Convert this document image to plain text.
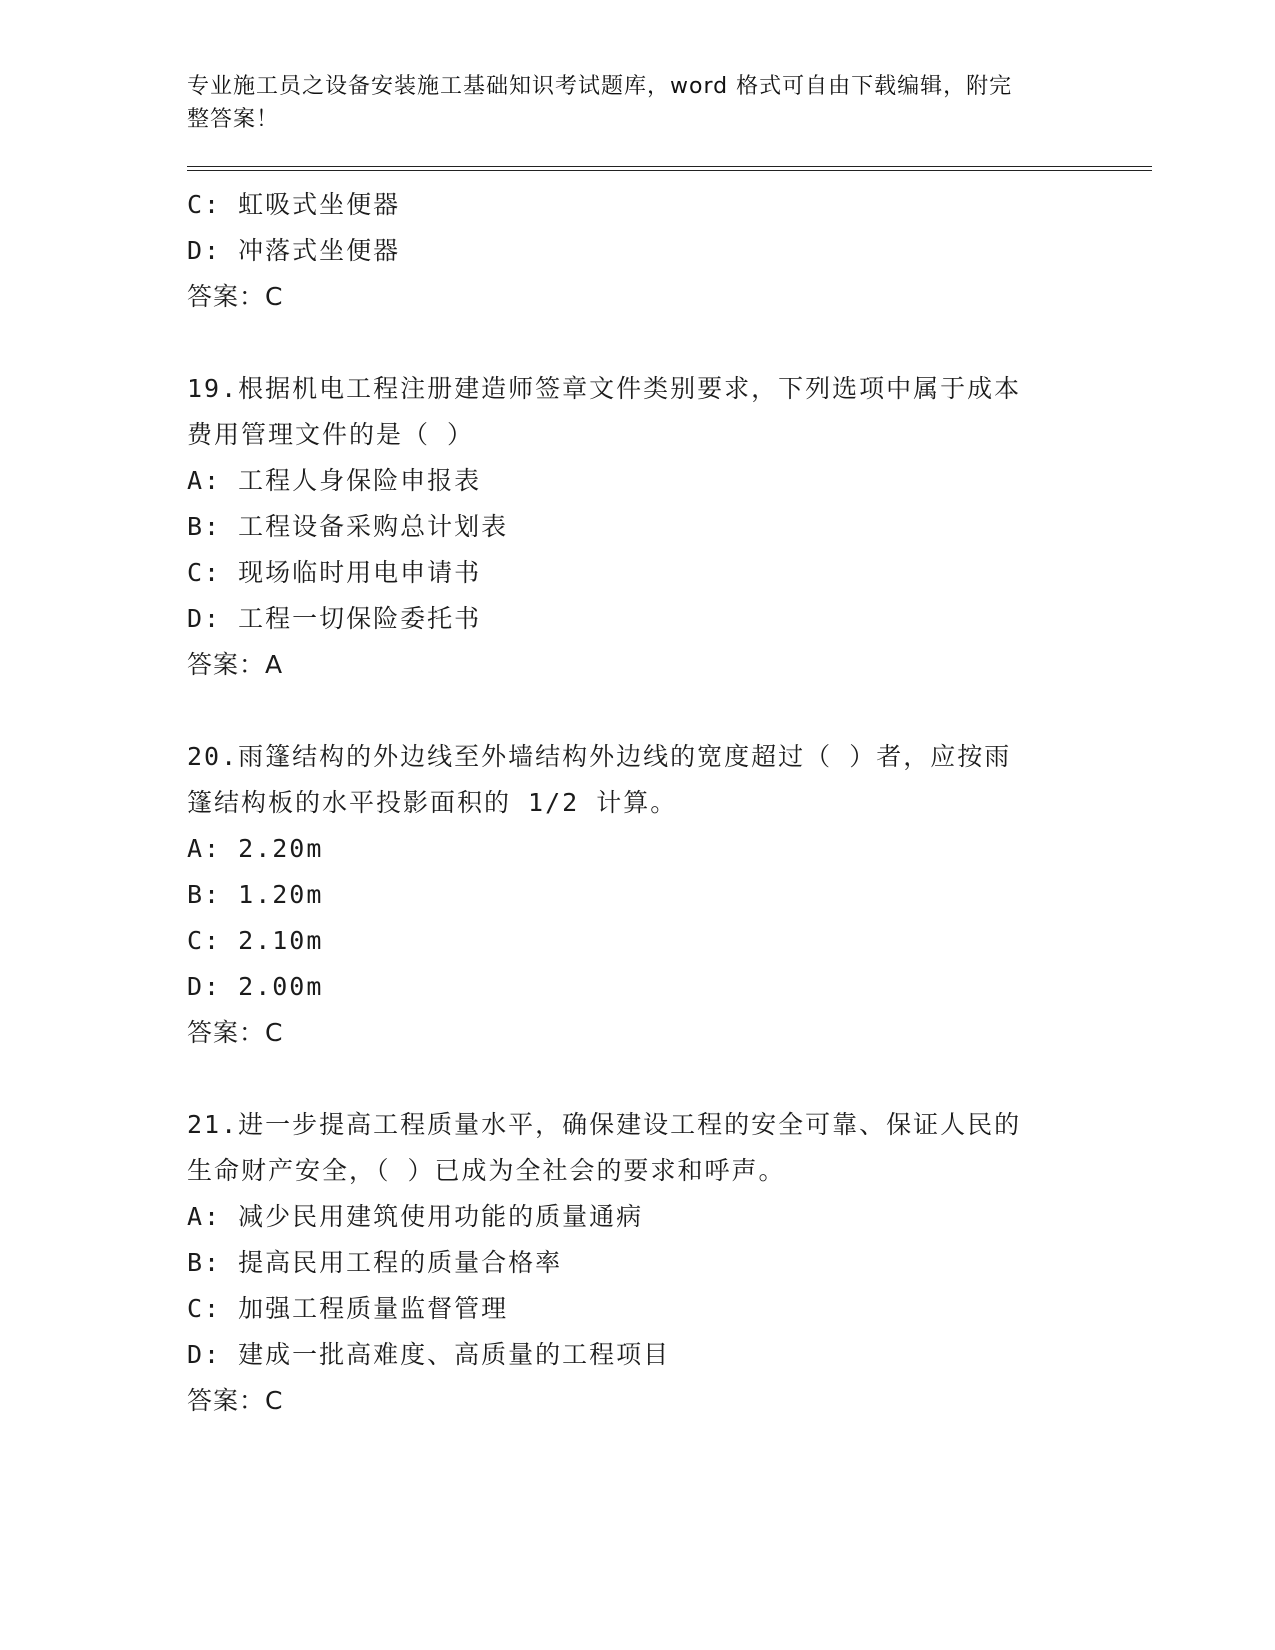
专业施工员之设备安装施工基础知识考试题库，word 格式可自由下载编辑，附完
整答案！
C: 虹吸式坐便器
D: 冲落式坐便器
答案：C
19.根据机电工程注册建造师签章文件类别要求，下列选项中属于成本
费用管理文件的是（ ）
A: 工程人身保险申报表
B: 工程设备采购总计划表
C: 现场临时用电申请书
D: 工程一切保险委托书
答案：A
20.雨篷结构的外边线至外墙结构外边线的宽度超过（ ）者，应按雨
篷结构板的水平投影面积的 1/2 计算。
A: 2.20m
B: 1.20m
C: 2.10m
D: 2.00m
答案：C
21.进一步提高工程质量水平，确保建设工程的安全可靠、保证人民的
生命财产安全，（ ）已成为全社会的要求和呼声。
A: 减少民用建筑使用功能的质量通病
B: 提高民用工程的质量合格率
C: 加强工程质量监督管理
D: 建成一批高难度、高质量的工程项目
答案：C
